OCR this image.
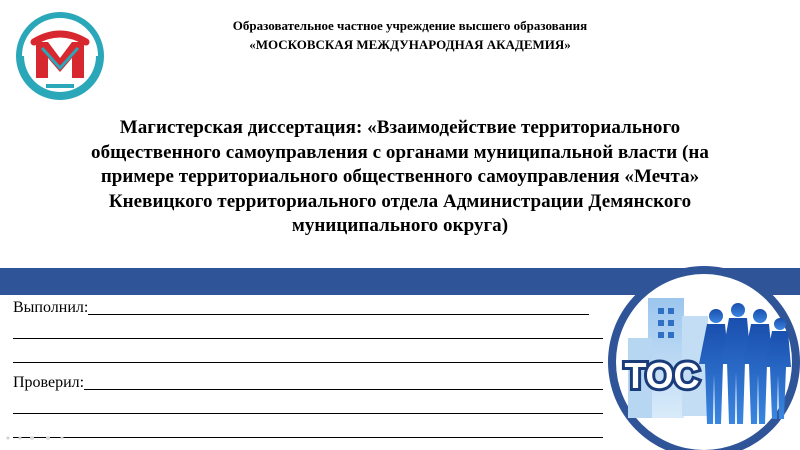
Образовательное частное учреждение высшего образования
«МОСКОВСКАЯ МЕЖДУНАРОДНАЯ АКАДЕМИЯ»
Магистерская диссертация: «Взаимодействие территориального
общественного самоуправления с органами муниципальной власти (на
примере территориального общественного самоуправления «Мечта»
Кневицкого территориального отдела Администрации Демянского
муниципального округа)
Выполнил:
Проверил:	ТОС
